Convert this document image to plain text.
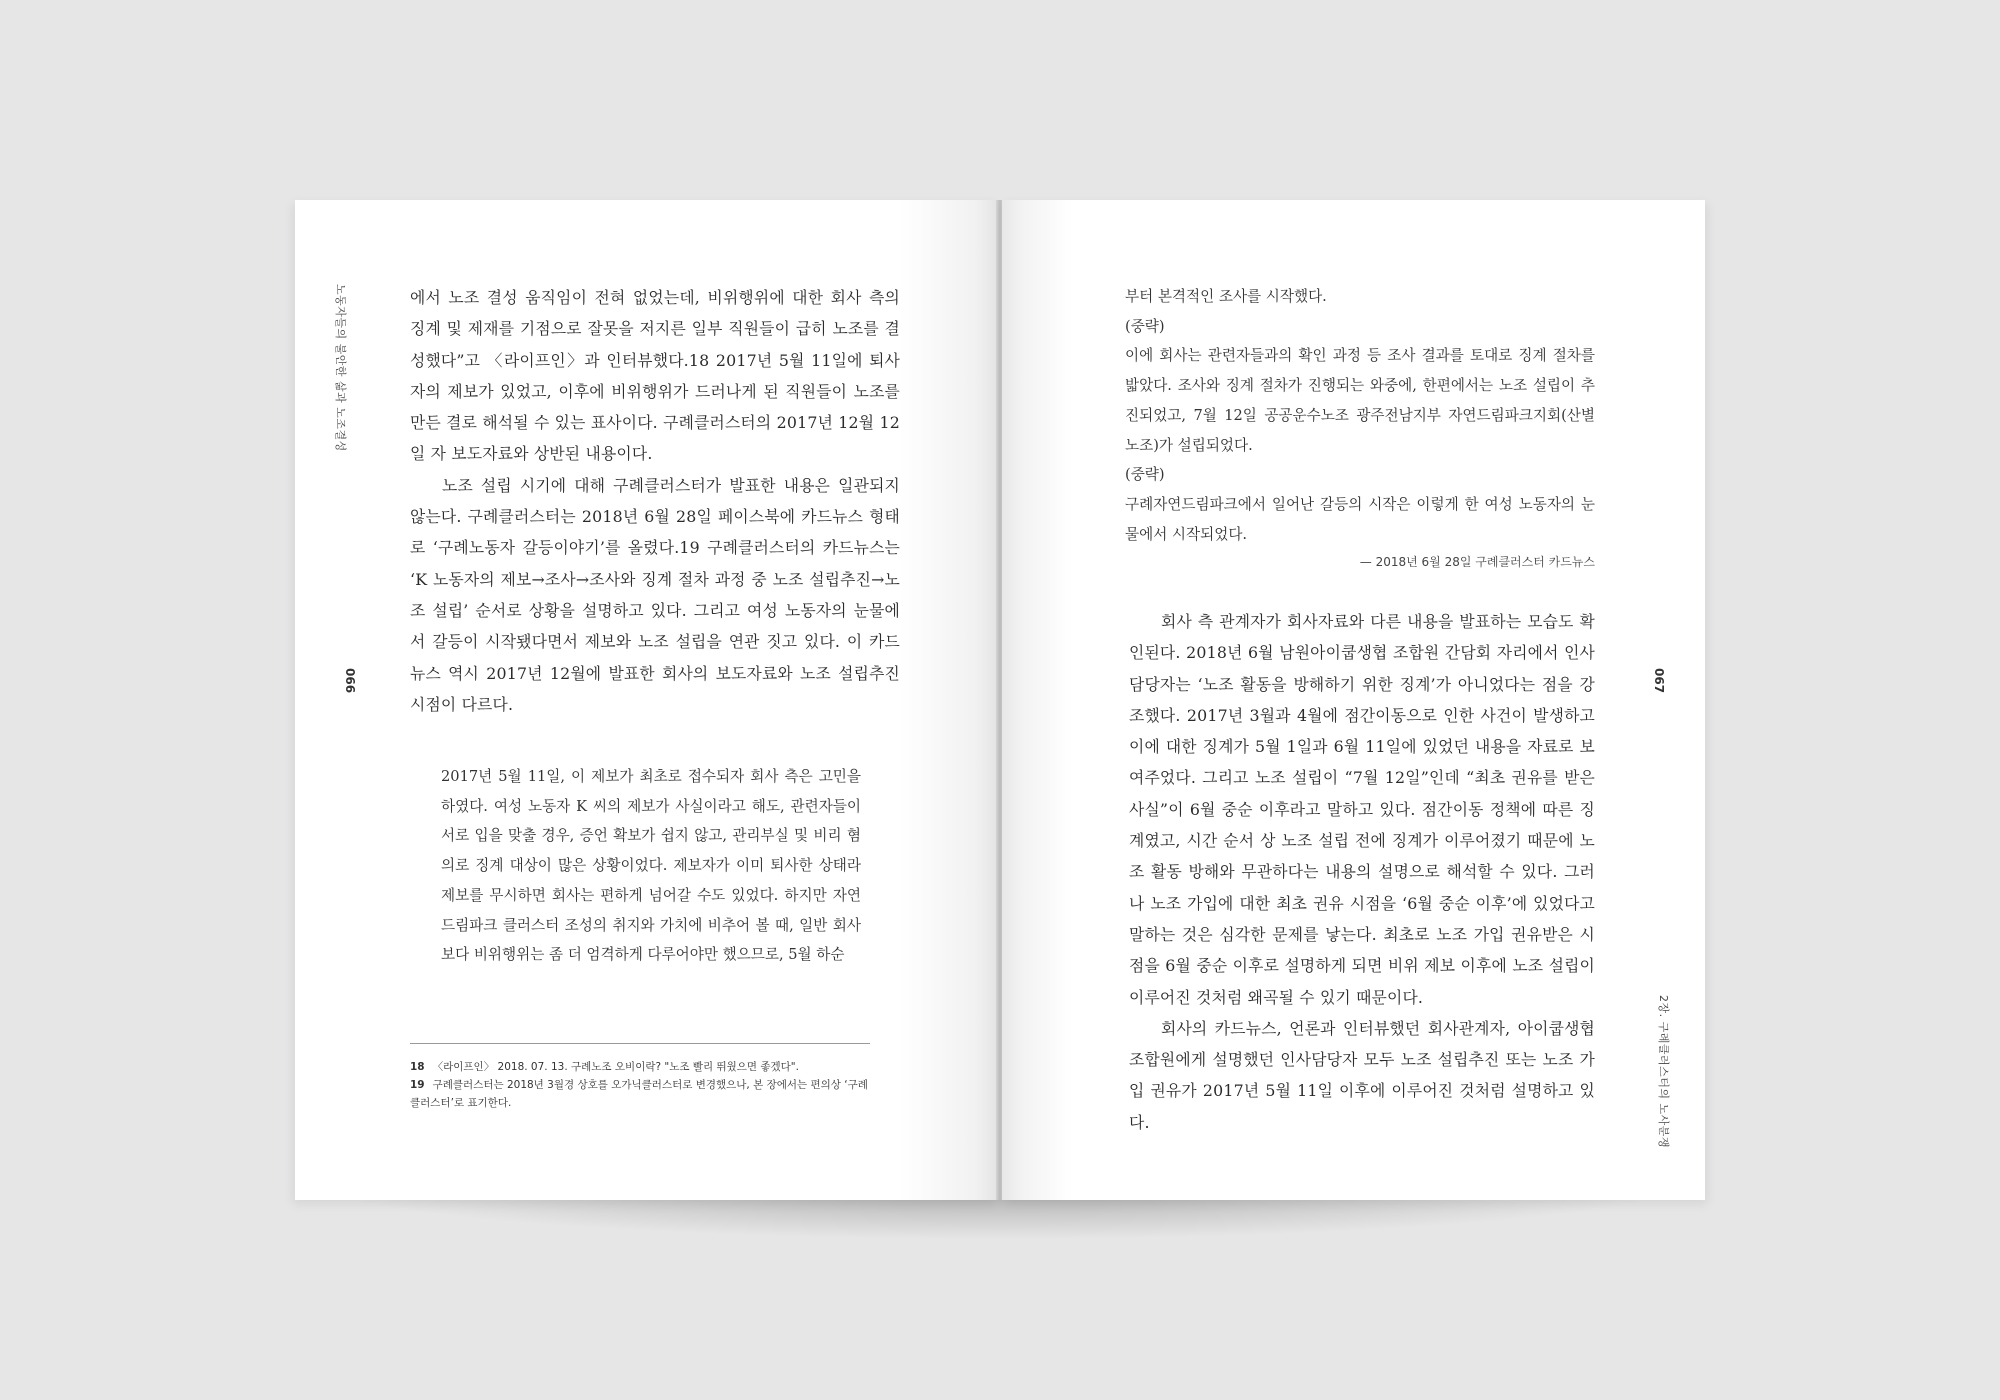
노동자들의 불안한 삶과 노조결성
066

에서 노조 결성 움직임이 전혀 없었는데, 비위행위에 대한 회사 측의 징계 및 제재를 기점으로 잘못을 저지른 일부 직원들이 급히 노조를 결성했다”고 〈라이프인〉과 인터뷰했다.18 2017년 5월 11일에 퇴사자의 제보가 있었고, 이후에 비위행위가 드러나게 된 직원들이 노조를 만든 결로 해석될 수 있는 표사이다. 구례클러스터의 2017년 12월 12일 자 보도자료와 상반된 내용이다.

노조 설립 시기에 대해 구례클러스터가 발표한 내용은 일관되지 않는다. 구례클러스터는 2018년 6월 28일 페이스북에 카드뉴스 형태로 ‘구례노동자 갈등이야기’를 올렸다.19 구례클러스터의 카드뉴스는 ‘K 노동자의 제보→조사→조사와 징계 절차 과정 중 노조 설립추진→노조 설립’ 순서로 상황을 설명하고 있다. 그리고 여성 노동자의 눈물에서 갈등이 시작됐다면서 제보와 노조 설립을 연관 짓고 있다. 이 카드뉴스 역시 2017년 12월에 발표한 회사의 보도자료와 노조 설립추진 시점이 다르다.

2017년 5월 11일, 이 제보가 최초로 접수되자 회사 측은 고민을 하였다. 여성 노동자 K 씨의 제보가 사실이라고 해도, 관련자들이 서로 입을 맞출 경우, 증언 확보가 쉽지 않고, 관리부실 및 비리 혐의로 징계 대상이 많은 상황이었다. 제보자가 이미 퇴사한 상태라 제보를 무시하면 회사는 편하게 넘어갈 수도 있었다. 하지만 자연드림파크 클러스터 조성의 취지와 가치에 비추어 볼 때, 일반 회사보다 비위행위는 좀 더 엄격하게 다루어야만 했으므로, 5월 하순

18 〈라이프인〉 2018. 07. 13. 구례노조 오비이락? "노조 빨리 뛰웠으면 좋겠다".

19 구례클러스터는 2018년 3월경 상호를 오가닉클러스터로 변경했으나, 본 장에서는 편의상 ‘구례클러스터’로 표기한다.	2장. 구례클러스터의 노사분쟁
067

부터 본격적인 조사를 시작했다.

(중략)

이에 회사는 관련자들과의 확인 과정 등 조사 결과를 토대로 징계 절차를 밟았다. 조사와 징계 절차가 진행되는 와중에, 한편에서는 노조 설립이 추진되었고, 7월 12일 공공운수노조 광주전남지부 자연드림파크지회(산별노조)가 설립되었다.

(중략)

구례자연드림파크에서 일어난 갈등의 시작은 이렇게 한 여성 노동자의 눈물에서 시작되었다.

— 2018년 6월 28일 구례클러스터 카드뉴스

회사 측 관계자가 회사자료와 다른 내용을 발표하는 모습도 확인된다. 2018년 6월 남원아이쿱생협 조합원 간담회 자리에서 인사담당자는 ‘노조 활동을 방해하기 위한 징계’가 아니었다는 점을 강조했다. 2017년 3월과 4월에 점간이동으로 인한 사건이 발생하고 이에 대한 징계가 5월 1일과 6월 11일에 있었던 내용을 자료로 보여주었다. 그리고 노조 설립이 “7월 12일”인데 “최초 권유를 받은 사실”이 6월 중순 이후라고 말하고 있다. 점간이동 정책에 따른 징계였고, 시간 순서 상 노조 설립 전에 징계가 이루어졌기 때문에 노조 활동 방해와 무관하다는 내용의 설명으로 해석할 수 있다. 그러나 노조 가입에 대한 최초 권유 시점을 ‘6월 중순 이후’에 있었다고 말하는 것은 심각한 문제를 낳는다. 최초로 노조 가입 권유받은 시점을 6월 중순 이후로 설명하게 되면 비위 제보 이후에 노조 설립이 이루어진 것처럼 왜곡될 수 있기 때문이다.

회사의 카드뉴스, 언론과 인터뷰했던 회사관계자, 아이쿱생협 조합원에게 설명했던 인사담당자 모두 노조 설립추진 또는 노조 가입 권유가 2017년 5월 11일 이후에 이루어진 것처럼 설명하고 있다.
